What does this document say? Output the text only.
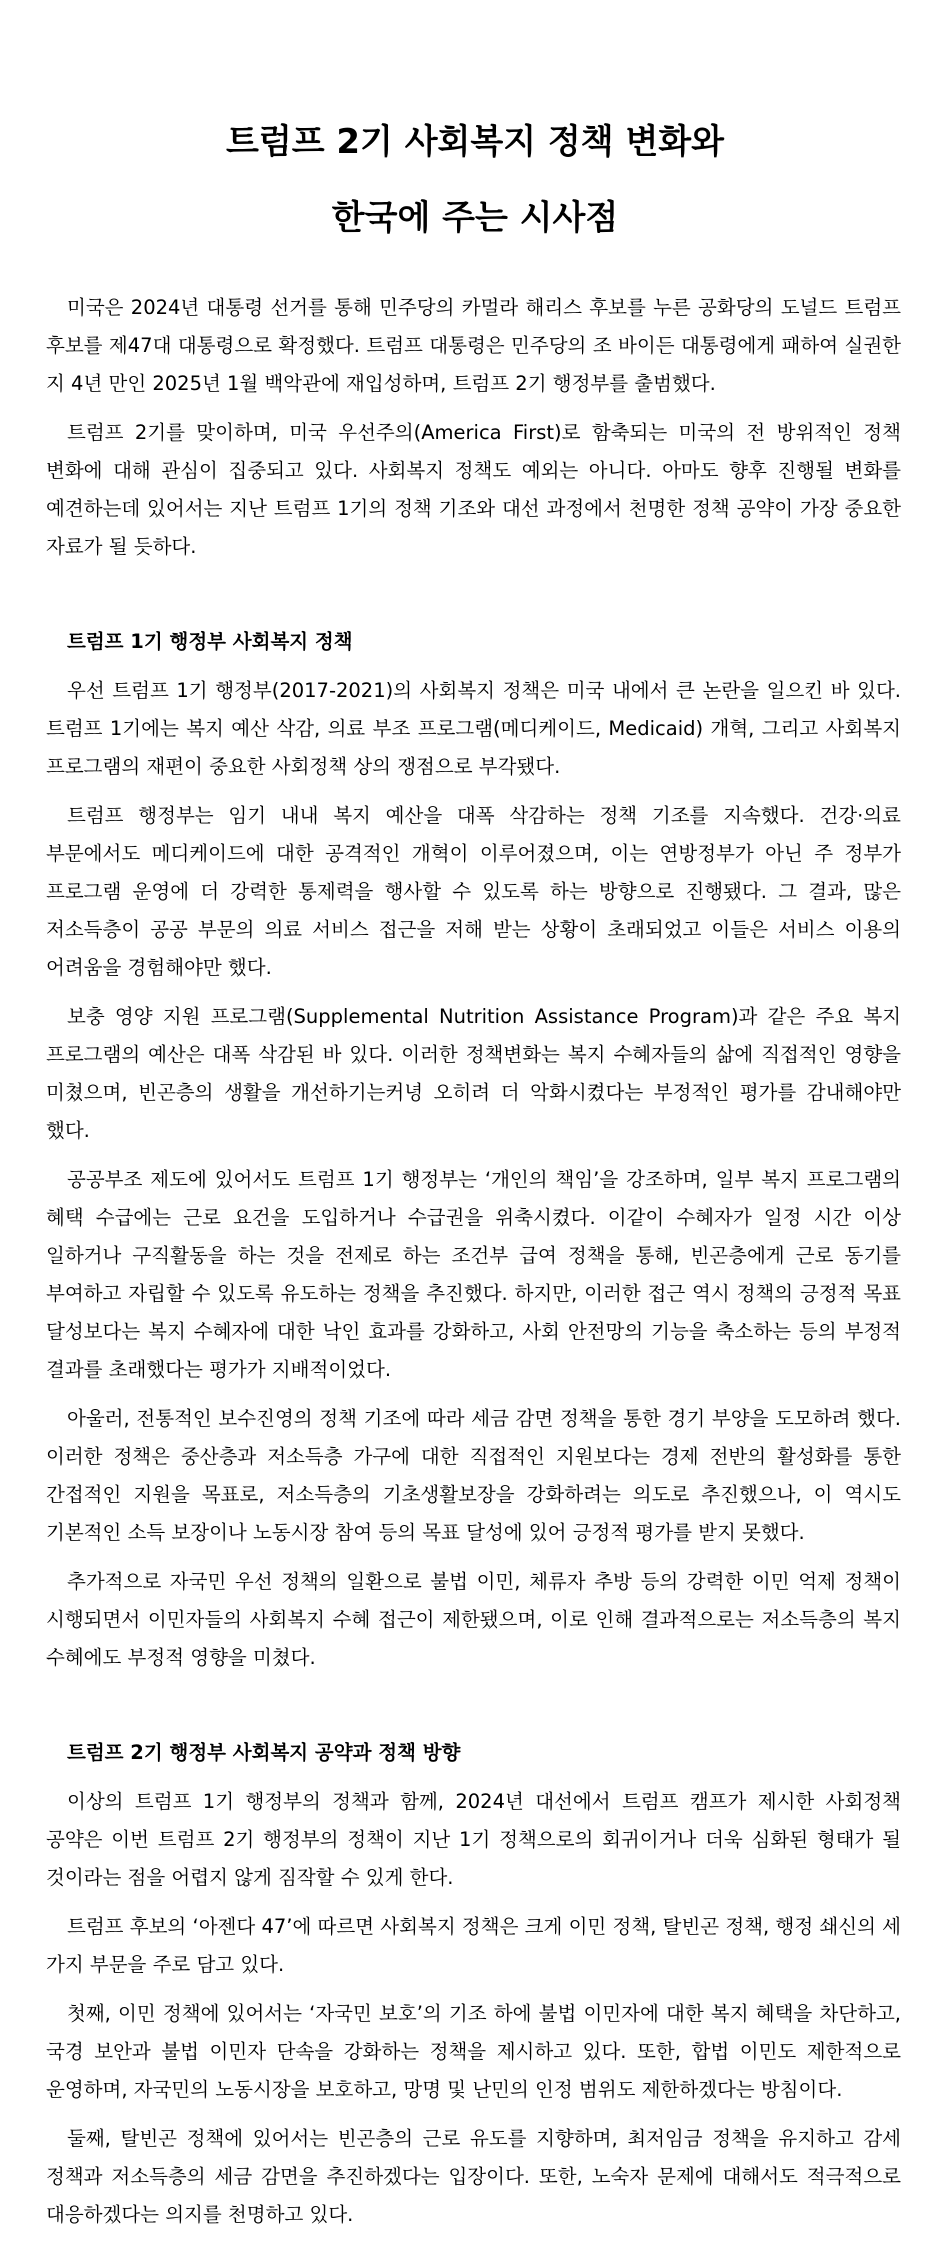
트럼프 2기 사회복지 정책 변화와
한국에 주는 시사점

미국은 2024년 대통령 선거를 통해 민주당의 카멀라 해리스 후보를 누른 공화당의 도널드 트럼프 후보를 제47대 대통령으로 확정했다. 트럼프 대통령은 민주당의 조 바이든 대통령에게 패하여 실권한 지 4년 만인 2025년 1월 백악관에 재입성하며, 트럼프 2기 행정부를 출범했다.

트럼프 2기를 맞이하며, 미국 우선주의(America First)로 함축되는 미국의 전 방위적인 정책 변화에 대해 관심이 집중되고 있다. 사회복지 정책도 예외는 아니다. 아마도 향후 진행될 변화를 예견하는데 있어서는 지난 트럼프 1기의 정책 기조와 대선 과정에서 천명한 정책 공약이 가장 중요한 자료가 될 듯하다.

트럼프 1기 행정부 사회복지 정책

우선 트럼프 1기 행정부(2017-2021)의 사회복지 정책은 미국 내에서 큰 논란을 일으킨 바 있다. 트럼프 1기에는 복지 예산 삭감, 의료 부조 프로그램(메디케이드, Medicaid) 개혁, 그리고 사회복지 프로그램의 재편이 중요한 사회정책 상의 쟁점으로 부각됐다.

트럼프 행정부는 임기 내내 복지 예산을 대폭 삭감하는 정책 기조를 지속했다. 건강·의료 부문에서도 메디케이드에 대한 공격적인 개혁이 이루어졌으며, 이는 연방정부가 아닌 주 정부가 프로그램 운영에 더 강력한 통제력을 행사할 수 있도록 하는 방향으로 진행됐다. 그 결과, 많은 저소득층이 공공 부문의 의료 서비스 접근을 저해 받는 상황이 초래되었고 이들은 서비스 이용의 어려움을 경험해야만 했다.

보충 영양 지원 프로그램(Supplemental Nutrition Assistance Program)과 같은 주요 복지 프로그램의 예산은 대폭 삭감된 바 있다. 이러한 정책변화는 복지 수혜자들의 삶에 직접적인 영향을 미쳤으며, 빈곤층의 생활을 개선하기는커녕 오히려 더 악화시켰다는 부정적인 평가를 감내해야만 했다.

공공부조 제도에 있어서도 트럼프 1기 행정부는 ‘개인의 책임’을 강조하며, 일부 복지 프로그램의 혜택 수급에는 근로 요건을 도입하거나 수급권을 위축시켰다. 이같이 수혜자가 일정 시간 이상 일하거나 구직활동을 하는 것을 전제로 하는 조건부 급여 정책을 통해, 빈곤층에게 근로 동기를 부여하고 자립할 수 있도록 유도하는 정책을 추진했다. 하지만, 이러한 접근 역시 정책의 긍정적 목표 달성보다는 복지 수혜자에 대한 낙인 효과를 강화하고, 사회 안전망의 기능을 축소하는 등의 부정적 결과를 초래했다는 평가가 지배적이었다.

아울러, 전통적인 보수진영의 정책 기조에 따라 세금 감면 정책을 통한 경기 부양을 도모하려 했다. 이러한 정책은 중산층과 저소득층 가구에 대한 직접적인 지원보다는 경제 전반의 활성화를 통한 간접적인 지원을 목표로, 저소득층의 기초생활보장을 강화하려는 의도로 추진했으나, 이 역시도 기본적인 소득 보장이나 노동시장 참여 등의 목표 달성에 있어 긍정적 평가를 받지 못했다.

추가적으로 자국민 우선 정책의 일환으로 불법 이민, 체류자 추방 등의 강력한 이민 억제 정책이 시행되면서 이민자들의 사회복지 수혜 접근이 제한됐으며, 이로 인해 결과적으로는 저소득층의 복지 수혜에도 부정적 영향을 미쳤다.

트럼프 2기 행정부 사회복지 공약과 정책 방향

이상의 트럼프 1기 행정부의 정책과 함께, 2024년 대선에서 트럼프 캠프가 제시한 사회정책 공약은 이번 트럼프 2기 행정부의 정책이 지난 1기 정책으로의 회귀이거나 더욱 심화된 형태가 될 것이라는 점을 어렵지 않게 짐작할 수 있게 한다.

트럼프 후보의 ‘아젠다 47’에 따르면 사회복지 정책은 크게 이민 정책, 탈빈곤 정책, 행정 쇄신의 세 가지 부문을 주로 담고 있다.

첫째, 이민 정책에 있어서는 ‘자국민 보호’의 기조 하에 불법 이민자에 대한 복지 혜택을 차단하고, 국경 보안과 불법 이민자 단속을 강화하는 정책을 제시하고 있다. 또한, 합법 이민도 제한적으로 운영하며, 자국민의 노동시장을 보호하고, 망명 및 난민의 인정 범위도 제한하겠다는 방침이다.

둘째, 탈빈곤 정책에 있어서는 빈곤층의 근로 유도를 지향하며, 최저임금 정책을 유지하고 감세 정책과 저소득층의 세금 감면을 추진하겠다는 입장이다. 또한, 노숙자 문제에 대해서도 적극적으로 대응하겠다는 의지를 천명하고 있다.
